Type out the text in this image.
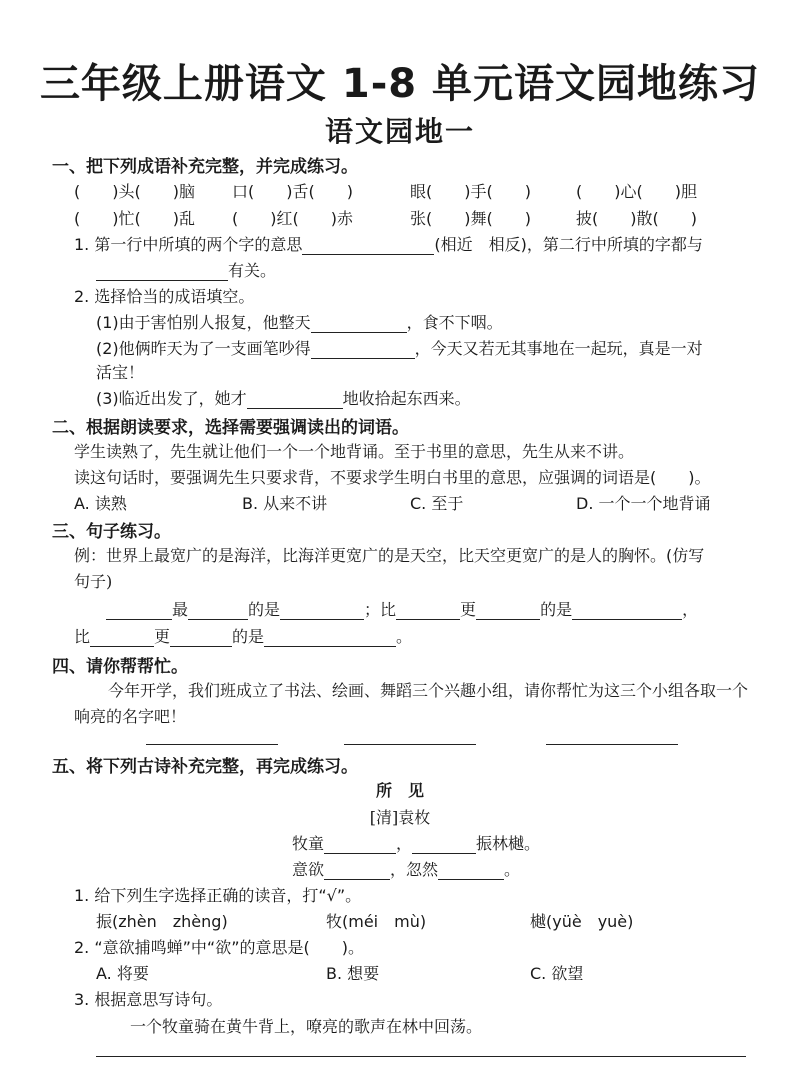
三年级上册语文 1-8 单元语文园地练习
语文园地一
一、把下列成语补充完整，并完成练习。
(　　)头(　　)脑 口(　　)舌(　　)	眼(　　)手(　　)	(　　)心(　　)胆
(　　)忙(　　)乱 (　　)红(　　)赤	张(　　)舞(　　)	披(　　)散(　　)
1. 第一行中所填的两个字的意思	(相近　相反)，第二行中所填的字都与
有关。
2. 选择恰当的成语填空。
(1)由于害怕别人报复，他整天	，食不下咽。
(2)他俩昨天为了一支画笔吵得	，今天又若无其事地在一起玩，真是一对
活宝！
(3)临近出发了，她才	地收拾起东西来。
二、根据朗读要求，选择需要强调读出的词语。
学生读熟了，先生就让他们一个一个地背诵。至于书里的意思，先生从来不讲。
读这句话时，要强调先生只要求背，不要求学生明白书里的意思，应强调的词语是(　　)。
A. 读熟	B. 从来不讲	C. 至于	D. 一个一个地背诵
三、句子练习。
例：世界上最宽广的是海洋，比海洋更宽广的是天空，比天空更宽广的是人的胸怀。(仿写
句子)
最	的是	；比	更	的是	，
比	更	的是	。
四、请你帮帮忙。
今年开学，我们班成立了书法、绘画、舞蹈三个兴趣小组，请你帮忙为这三个小组各取一个
响亮的名字吧！
五、将下列古诗补充完整，再完成练习。
所　见
[清]袁枚
牧童	，	振林樾。
意欲	，忽然	。
1. 给下列生字选择正确的读音，打“√”。
振(zhèn　zhèng)	牧(méi　mù)	樾(yüè　yuè)
2. “意欲捕鸣蝉”中“欲”的意思是(　　)。
A. 将要	B. 想要	C. 欲望
3. 根据意思写诗句。
一个牧童骑在黄牛背上，嘹亮的歌声在林中回荡。
